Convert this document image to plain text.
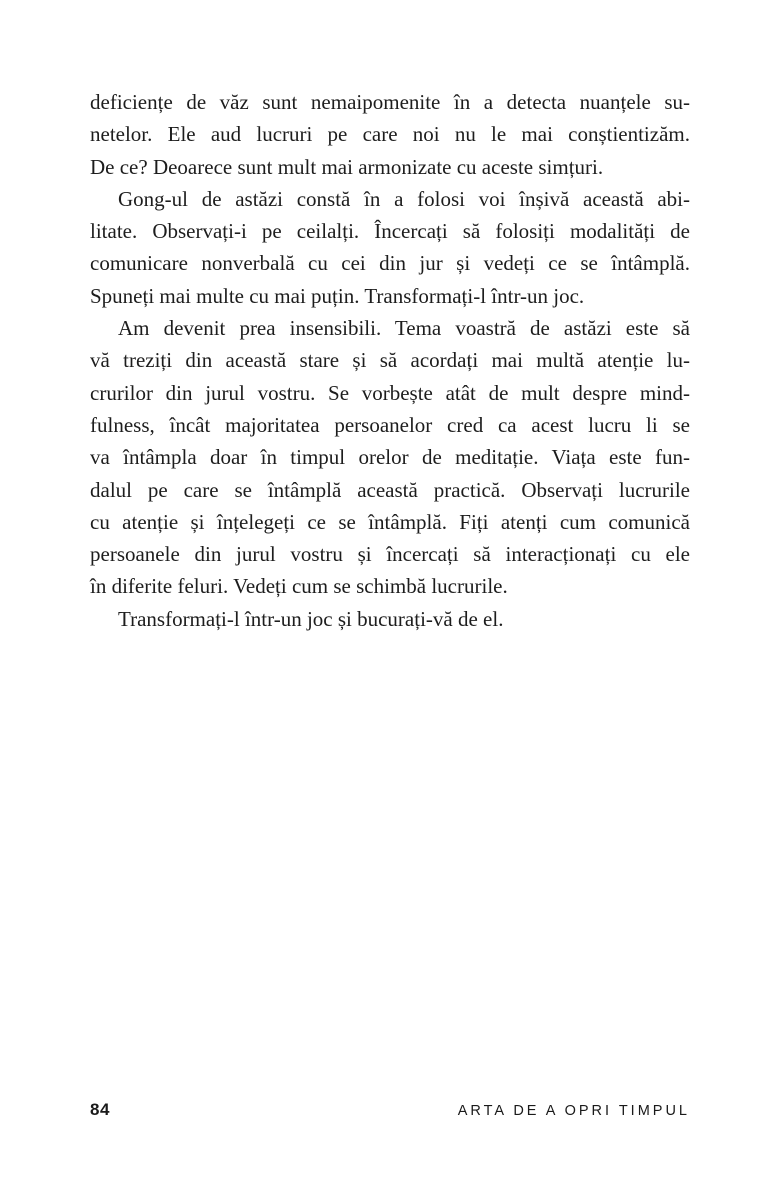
deficiențe de văz sunt nemaipomenite în a detecta nuanțele su-
netelor. Ele aud lucruri pe care noi nu le mai conștientizăm.
De ce? Deoarece sunt mult mai armonizate cu aceste simțuri.
Gong-ul de astăzi constă în a folosi voi înșivă această abi-
litate. Observați-i pe ceilalți. Încercați să folosiți modalități de
comunicare nonverbală cu cei din jur și vedeți ce se întâmplă.
Spuneți mai multe cu mai puțin. Transformați-l într-un joc.
Am devenit prea insensibili. Tema voastră de astăzi este să
vă treziți din această stare și să acordați mai multă atenție lu-
crurilor din jurul vostru. Se vorbește atât de mult despre mind-
fulness, încât majoritatea persoanelor cred ca acest lucru li se
va întâmpla doar în timpul orelor de meditație. Viața este fun-
dalul pe care se întâmplă această practică. Observați lucrurile
cu atenție și înțelegeți ce se întâmplă. Fiți atenți cum comunică
persoanele din jurul vostru și încercați să interacționați cu ele
în diferite feluri. Vedeți cum se schimbă lucrurile.
Transformați-l într-un joc și bucurați-vă de el.
84	ARTA DE A OPRI TIMPUL
